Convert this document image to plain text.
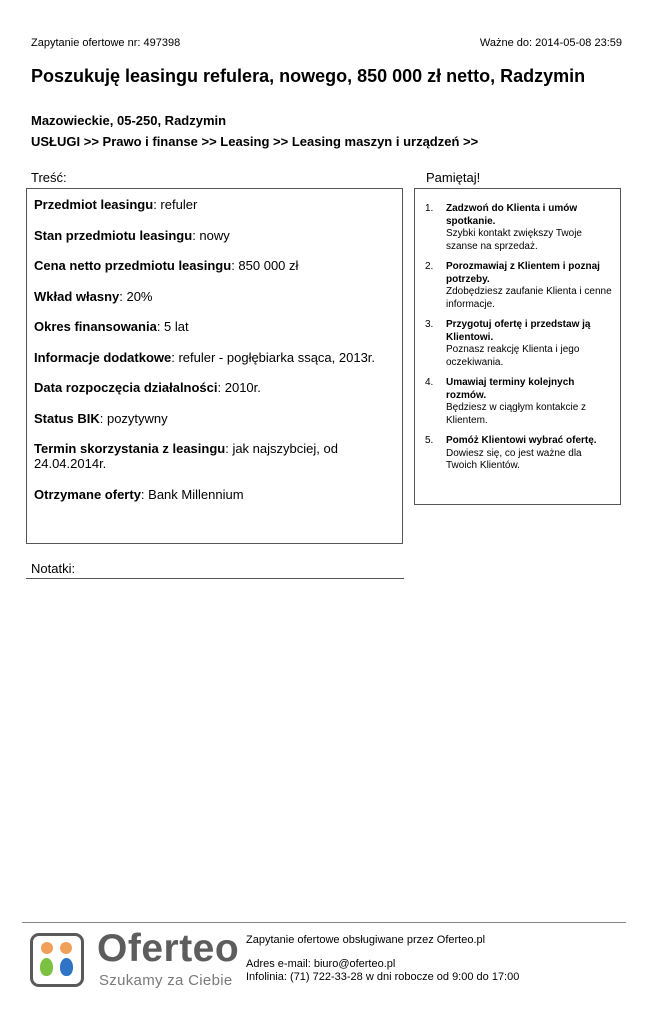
Zapytanie ofertowe nr: 497398	Ważne do: 2014-05-08 23:59
Poszukuję leasingu refulera, nowego, 850 000 zł netto, Radzymin
Mazowieckie, 05-250, Radzymin
USŁUGI >> Prawo i finanse >> Leasing >> Leasing maszyn i urządzeń >>
Treść:	Pamiętaj!
Przedmiot leasingu: refuler
Stan przedmiotu leasingu: nowy
Cena netto przedmiotu leasingu: 850 000 zł
Wkład własny: 20%
Okres finansowania: 5 lat
Informacje dodatkowe: refuler - pogłębiarka ssąca, 2013r.
Data rozpoczęcia działalności: 2010r.
Status BIK: pozytywny
Termin skorzystania z leasingu: jak najszybciej, od 24.04.2014r.
Otrzymane oferty: Bank Millennium
1.	Zadzwoń do Klienta i umów spotkanie.
Szybki kontakt zwiększy Twoje szanse na sprzedaż.
2.	Porozmawiaj z Klientem i poznaj potrzeby.
Zdobędziesz zaufanie Klienta i cenne informacje.
3.	Przygotuj ofertę i przedstaw ją Klientowi.
Poznasz reakcję Klienta i jego oczekiwania.
4.	Umawiaj terminy kolejnych rozmów.
Będziesz w ciągłym kontakcie z Klientem.
5.	Pomóż Klientowi wybrać ofertę.
Dowiesz się, co jest ważne dla Twoich Klientów.
Notatki:
Oferteo
Szukamy za Ciebie
Zapytanie ofertowe obsługiwane przez Oferteo.pl
Adres e-mail: biuro@oferteo.pl
Infolinia: (71) 722-33-28 w dni robocze od 9:00 do 17:00
